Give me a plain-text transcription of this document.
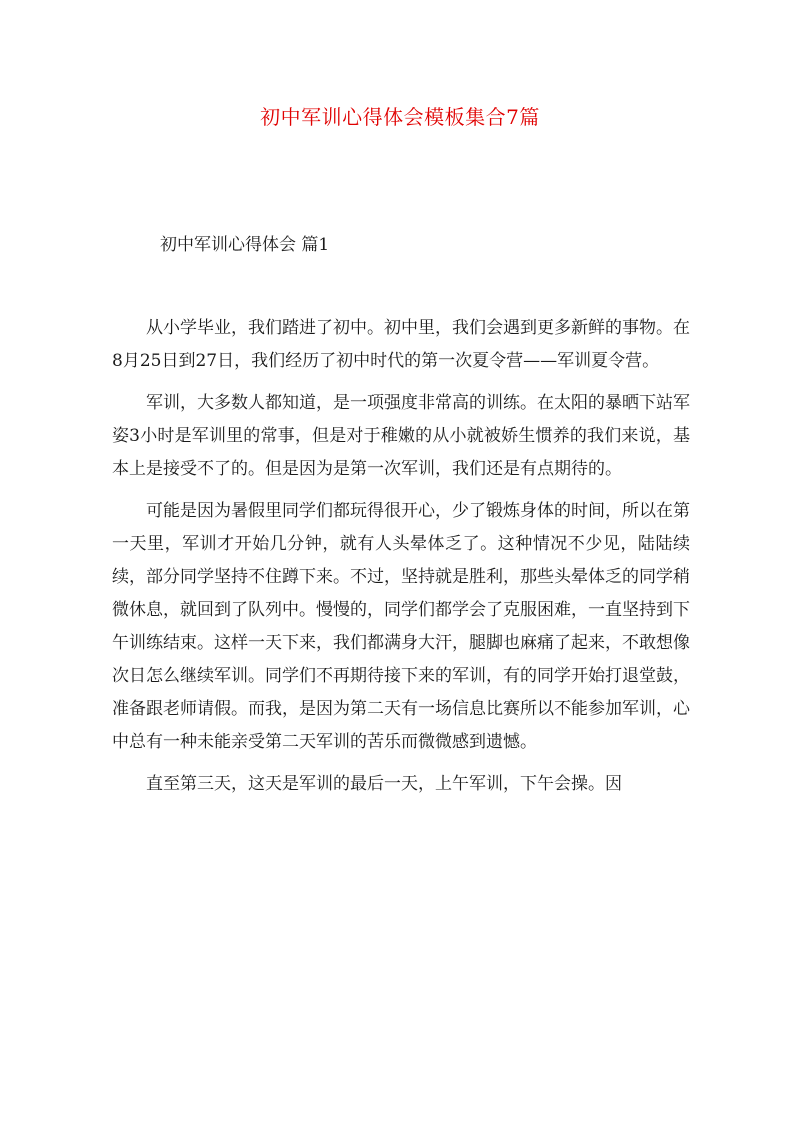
初中军训心得体会模板集合7篇
初中军训心得体会 篇1

从小学毕业，我们踏进了初中。初中里，我们会遇到更多新鲜的事物。在8月25日到27日，我们经历了初中时代的第一次夏令营——军训夏令营。

军训，大多数人都知道，是一项强度非常高的训练。在太阳的暴晒下站军姿3小时是军训里的常事，但是对于稚嫩的从小就被娇生惯养的我们来说，基本上是接受不了的。但是因为是第一次军训，我们还是有点期待的。

可能是因为暑假里同学们都玩得很开心，少了锻炼身体的时间，所以在第一天里，军训才开始几分钟，就有人头晕体乏了。这种情况不少见，陆陆续续，部分同学坚持不住蹲下来。不过，坚持就是胜利，那些头晕体乏的同学稍微休息，就回到了队列中。慢慢的，同学们都学会了克服困难，一直坚持到下午训练结束。这样一天下来，我们都满身大汗，腿脚也麻痛了起来，不敢想像次日怎么继续军训。同学们不再期待接下来的军训，有的同学开始打退堂鼓，准备跟老师请假。而我，是因为第二天有一场信息比赛所以不能参加军训，心中总有一种未能亲受第二天军训的苦乐而微微感到遗憾。

直至第三天，这天是军训的最后一天，上午军训，下午会操。因
